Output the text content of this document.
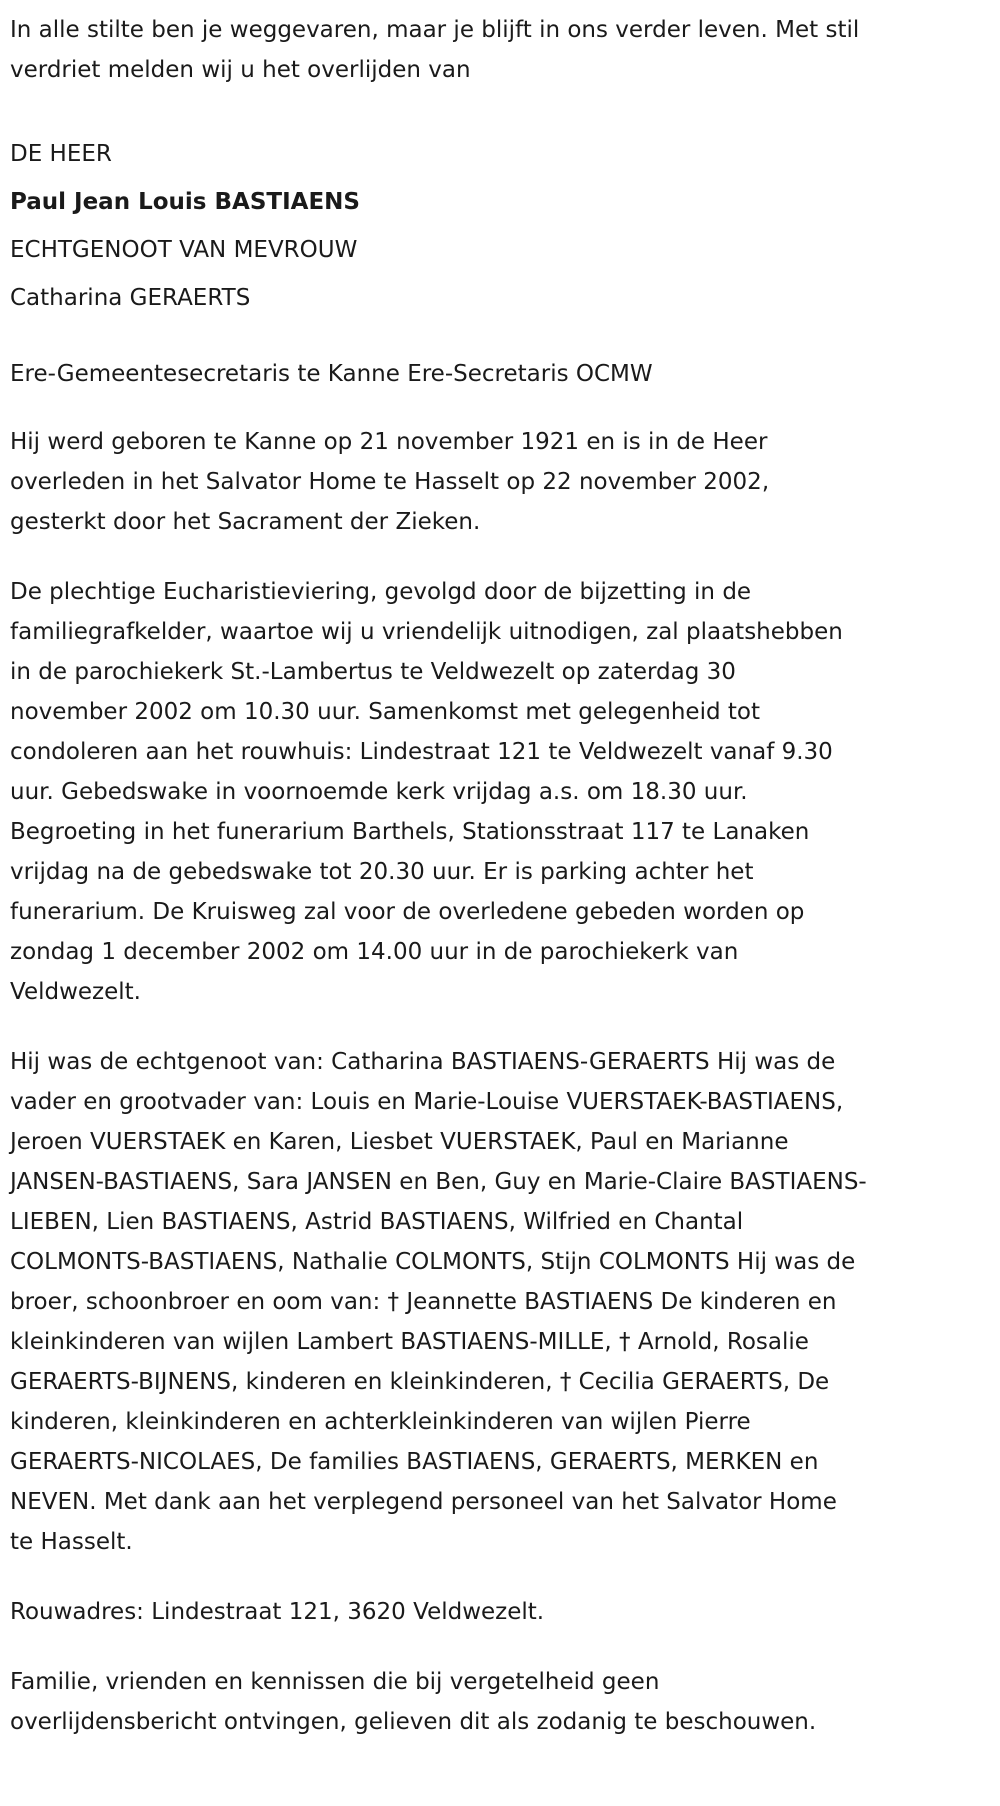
In alle stilte ben je weggevaren, maar je blijft in ons verder leven. Met stil
verdriet melden wij u het overlijden van
DE HEER
Paul Jean Louis BASTIAENS
ECHTGENOOT VAN MEVROUW
Catharina GERAERTS
Ere-Gemeentesecretaris te Kanne Ere-Secretaris OCMW
Hij werd geboren te Kanne op 21 november 1921 en is in de Heer
overleden in het Salvator Home te Hasselt op 22 november 2002,
gesterkt door het Sacrament der Zieken.
De plechtige Eucharistieviering, gevolgd door de bijzetting in de
familiegrafkelder, waartoe wij u vriendelijk uitnodigen, zal plaatshebben
in de parochiekerk St.-Lambertus te Veldwezelt op zaterdag 30
november 2002 om 10.30 uur. Samenkomst met gelegenheid tot
condoleren aan het rouwhuis: Lindestraat 121 te Veldwezelt vanaf 9.30
uur. Gebedswake in voornoemde kerk vrijdag a.s. om 18.30 uur.
Begroeting in het funerarium Barthels, Stationsstraat 117 te Lanaken
vrijdag na de gebedswake tot 20.30 uur. Er is parking achter het
funerarium. De Kruisweg zal voor de overledene gebeden worden op
zondag 1 december 2002 om 14.00 uur in de parochiekerk van
Veldwezelt.
Hij was de echtgenoot van: Catharina BASTIAENS-GERAERTS Hij was de
vader en grootvader van: Louis en Marie-Louise VUERSTAEK-BASTIAENS,
Jeroen VUERSTAEK en Karen, Liesbet VUERSTAEK, Paul en Marianne
JANSEN-BASTIAENS, Sara JANSEN en Ben, Guy en Marie-Claire BASTIAENS-
LIEBEN, Lien BASTIAENS, Astrid BASTIAENS, Wilfried en Chantal
COLMONTS-BASTIAENS, Nathalie COLMONTS, Stijn COLMONTS Hij was de
broer, schoonbroer en oom van: † Jeannette BASTIAENS De kinderen en
kleinkinderen van wijlen Lambert BASTIAENS-MILLE, † Arnold, Rosalie
GERAERTS-BIJNENS, kinderen en kleinkinderen, † Cecilia GERAERTS, De
kinderen, kleinkinderen en achterkleinkinderen van wijlen Pierre
GERAERTS-NICOLAES, De families BASTIAENS, GERAERTS, MERKEN en
NEVEN. Met dank aan het verplegend personeel van het Salvator Home
te Hasselt.
Rouwadres: Lindestraat 121, 3620 Veldwezelt.
Familie, vrienden en kennissen die bij vergetelheid geen
overlijdensbericht ontvingen, gelieven dit als zodanig te beschouwen.
